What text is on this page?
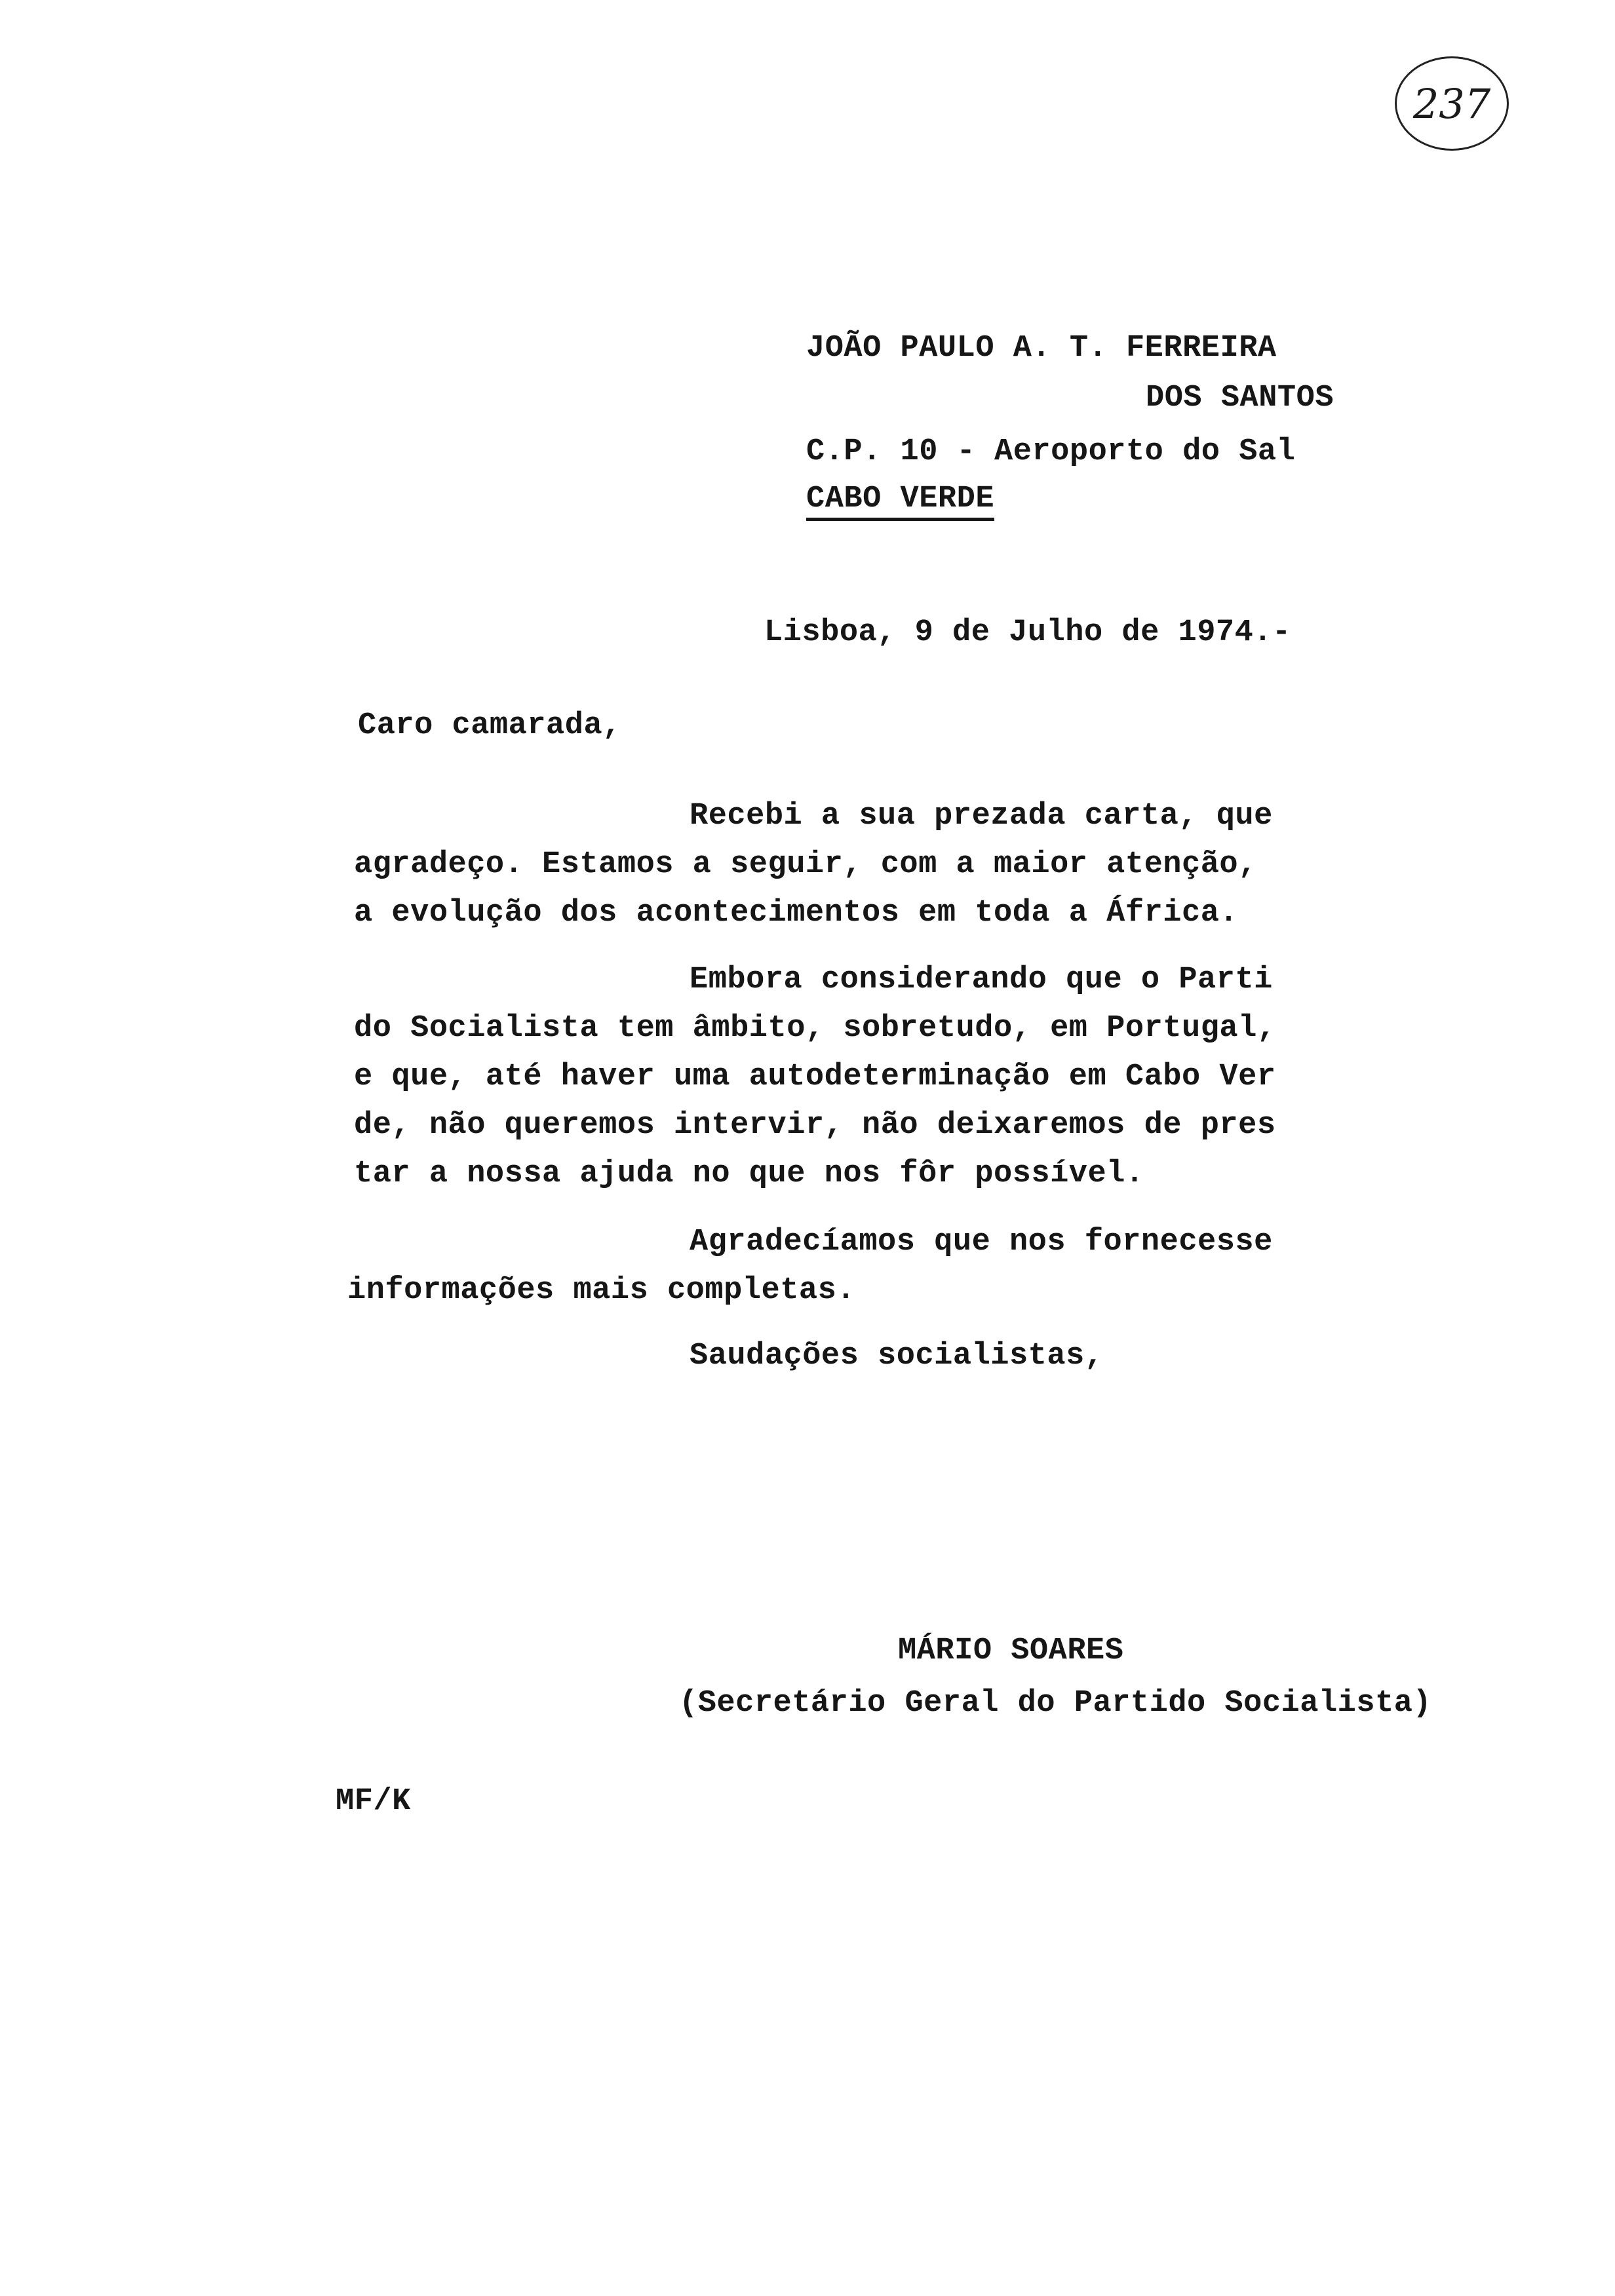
237
JOÃO PAULO A. T. FERREIRA
DOS SANTOS
C.P. 10 - Aeroporto do Sal
CABO VERDE
Lisboa, 9 de Julho de 1974.-
Caro camarada,
Recebi a sua prezada carta, que
agradeço. Estamos a seguir, com a maior atenção,
a evolução dos acontecimentos em toda a África.
Embora considerando que o Parti
do Socialista tem âmbito, sobretudo, em Portugal,
e que, até haver uma autodeterminação em Cabo Ver
de, não queremos intervir, não deixaremos de pres
tar a nossa ajuda no que nos fôr possível.
Agradecíamos que nos fornecesse
informações mais completas.
Saudações socialistas,
MÁRIO SOARES
(Secretário Geral do Partido Socialista)
MF/K
